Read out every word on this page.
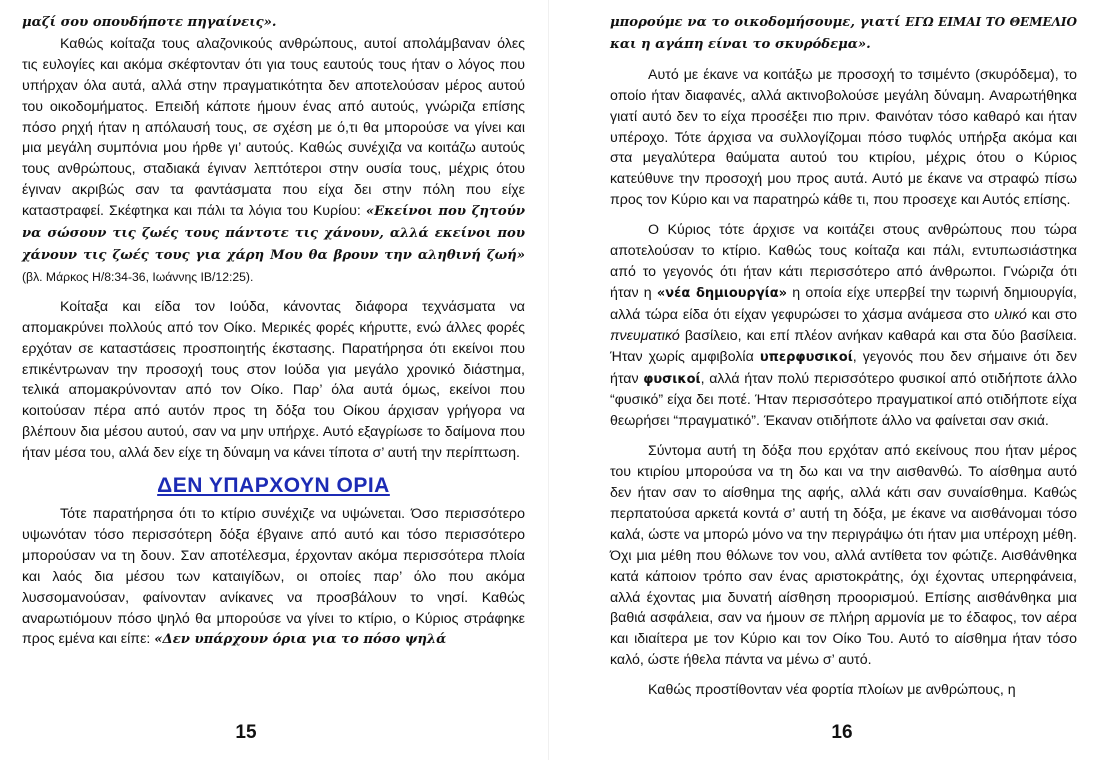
μαζί σου οπουδήποτε πηγαίνεις».

Καθώς κοίταζα τους αλαζονικούς ανθρώπους, αυτοί απολάμβαναν όλες τις ευλογίες και ακόμα σκέφτονταν ότι για τους εαυτούς τους ήταν ο λόγος που υπήρχαν όλα αυτά, αλλά στην πραγματικότητα δεν αποτελούσαν μέρος αυτού του οικοδομήματος. Επειδή κάποτε ήμουν ένας από αυτούς, γνώριζα επίσης πόσο ρηχή ήταν η απόλαυσή τους, σε σχέση με ό,τι θα μπορούσε να γίνει και μια μεγάλη συμπόνια μου ήρθε γι’ αυτούς. Καθώς συνέχιζα να κοιτάζω αυτούς τους ανθρώπους, σταδιακά έγιναν λεπτότεροι στην ουσία τους, μέχρις ότου έγιναν ακριβώς σαν τα φαντάσματα που είχα δει στην πόλη που είχε καταστραφεί. Σκέφτηκα και πάλι τα λόγια του Κυρίου: «Εκείνοι που ζητούν να σώσουν τις ζωές τους πάντοτε τις χάνουν, αλλά εκείνοι που χάνουν τις ζωές τους για χάρη Μου θα βρουν την αληθινή ζωή» (βλ. Μάρκος Η/8:34-36, Ιωάννης ΙΒ/12:25).

Κοίταξα και είδα τον Ιούδα, κάνοντας διάφορα τεχνάσματα να απομακρύνει πολλούς από τον Οίκο. Μερικές φορές κήρυττε, ενώ άλλες φορές ερχόταν σε καταστάσεις προσποιητής έκστασης. Παρατήρησα ότι εκείνοι που επικέντρωναν την προσοχή τους στον Ιούδα για μεγάλο χρονικό διάστημα, τελικά απομακρύνονταν από τον Οίκο. Παρ’ όλα αυτά όμως, εκείνοι που κοιτούσαν πέρα από αυτόν προς τη δόξα του Οίκου άρχισαν γρήγορα να βλέπουν δια μέσου αυτού, σαν να μην υπήρχε. Αυτό εξαγρίωσε το δαίμονα που ήταν μέσα του, αλλά δεν είχε τη δύναμη να κάνει τίποτα σ’ αυτή την περίπτωση.

ΔΕΝ ΥΠΑΡΧΟΥΝ ΟΡΙΑ

Τότε παρατήρησα ότι το κτίριο συνέχιζε να υψώνεται. Όσο περισσότερο υψωνόταν τόσο περισσότερη δόξα έβγαινε από αυτό και τόσο περισσότερο μπορούσαν να τη δουν. Σαν αποτέλεσμα, έρχονταν ακόμα περισσότερα πλοία και λαός δια μέσου των καταιγίδων, οι οποίες παρ’ όλο που ακόμα λυσσομανούσαν, φαίνονταν ανίκανες να προσβάλουν το νησί. Καθώς αναρωτιόμουν πόσο ψηλό θα μπορούσε να γίνει το κτίριο, ο Κύριος στράφηκε προς εμένα και είπε: «Δεν υπάρχουν όρια για το πόσο ψηλά

15

μπορούμε να το οικοδομήσουμε, γιατί ΕΓΩ ΕΙΜΑΙ ΤΟ ΘΕΜΕΛΙΟ και η αγάπη είναι το σκυρόδεμα».

Αυτό με έκανε να κοιτάξω με προσοχή το τσιμέντο (σκυρόδεμα), το οποίο ήταν διαφανές, αλλά ακτινοβολούσε μεγάλη δύναμη. Αναρωτήθηκα γιατί αυτό δεν το είχα προσέξει πιο πριν. Φαινόταν τόσο καθαρό και ήταν υπέροχο. Τότε άρχισα να συλλογίζομαι πόσο τυφλός υπήρξα ακόμα και στα μεγαλύτερα θαύματα αυτού του κτιρίου, μέχρις ότου ο Κύριος κατεύθυνε την προσοχή μου προς αυτά. Αυτό με έκανε να στραφώ πίσω προς τον Κύριο και να παρατηρώ κάθε τι, που προσεχε και Αυτός επίσης.

Ο Κύριος τότε άρχισε να κοιτάζει στους ανθρώπους που τώρα αποτελούσαν το κτίριο. Καθώς τους κοίταζα και πάλι, εντυπωσιάστηκα από το γεγονός ότι ήταν κάτι περισσότερο από άνθρωποι. Γνώριζα ότι ήταν η «νέα δημιουργία» η οποία είχε υπερβεί την τωρινή δημιουργία, αλλά τώρα είδα ότι είχαν γεφυρώσει το χάσμα ανάμεσα στο υλικό και στο πνευματικό βασίλειο, και επί πλέον ανήκαν καθαρά και στα δύο βασίλεια. Ήταν χωρίς αμφιβολία υπερφυσικοί, γεγονός που δεν σήμαινε ότι δεν ήταν φυσικοί, αλλά ήταν πολύ περισσότερο φυσικοί από οτιδήποτε άλλο “φυσικό” είχα δει ποτέ. Ήταν περισσότερο πραγματικοί από οτιδήποτε είχα θεωρήσει “πραγματικό”. Έκαναν οτιδήποτε άλλο να φαίνεται σαν σκιά.

Σύντομα αυτή τη δόξα που ερχόταν από εκείνους που ήταν μέρος του κτιρίου μπορούσα να τη δω και να την αισθανθώ. Το αίσθημα αυτό δεν ήταν σαν το αίσθημα της αφής, αλλά κάτι σαν συναίσθημα. Καθώς περπατούσα αρκετά κοντά σ’ αυτή τη δόξα, με έκανε να αισθάνομαι τόσο καλά, ώστε να μπορώ μόνο να την περιγράψω ότι ήταν μια υπέροχη μέθη. Όχι μια μέθη που θόλωνε τον νου, αλλά αντίθετα τον φώτιζε. Αισθάνθηκα κατά κάποιον τρόπο σαν ένας αριστοκράτης, όχι έχοντας υπερηφάνεια, αλλά έχοντας μια δυνατή αίσθηση προορισμού. Επίσης αισθάνθηκα μια βαθιά ασφάλεια, σαν να ήμουν σε πλήρη αρμονία με το έδαφος, τον αέρα και ιδιαίτερα με τον Κύριο και τον Οίκο Του. Αυτό το αίσθημα ήταν τόσο καλό, ώστε ήθελα πάντα να μένω σ’ αυτό.

Καθώς προστίθονταν νέα φορτία πλοίων με ανθρώπους, η

16
